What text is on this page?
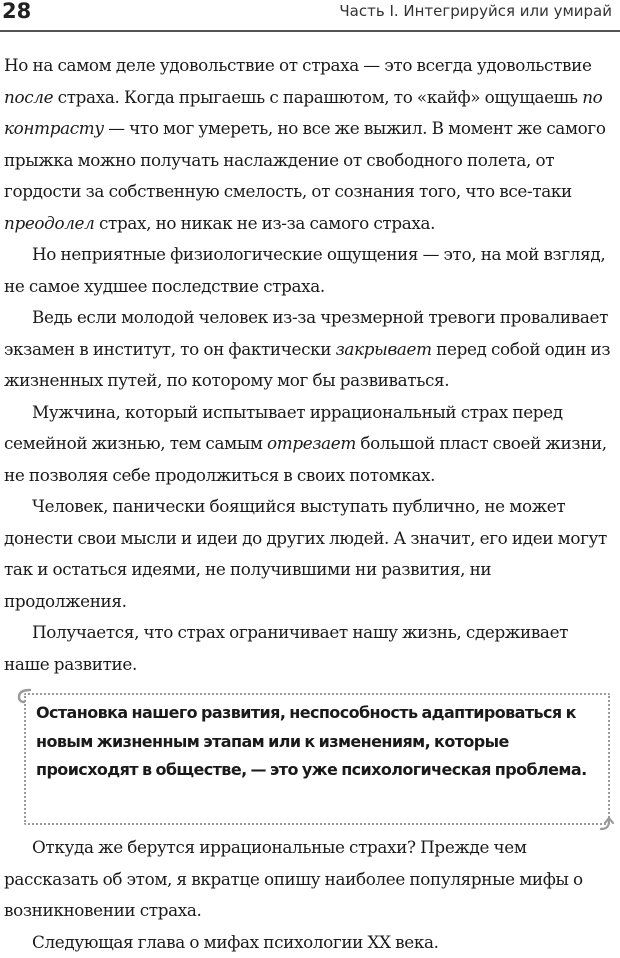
28	Часть I. Интегрируйся или умирай

Но на самом деле удовольствие от страха — это всегда удовольствие после страха. Когда прыгаешь с парашютом, то «кайф» ощущаешь по контрасту — что мог умереть, но все же выжил. В момент же самого прыжка можно получать наслаждение от свободного полета, от гордости за собственную смелость, от сознания того, что все-таки преодолел страх, но никак не из-за самого страха.

Но неприятные физиологические ощущения — это, на мой взгляд, не самое худшее последствие страха.

Ведь если молодой человек из-за чрезмерной тревоги проваливает экзамен в институт, то он фактически закрывает перед собой один из жизненных путей, по которому мог бы развиваться.

Мужчина, который испытывает иррациональный страх перед семейной жизнью, тем самым отрезает большой пласт своей жизни, не позволяя себе продолжиться в своих потомках.

Человек, панически боящийся выступать публично, не может донести свои мысли и идеи до других людей. А значит, его идеи могут так и остаться идеями, не получившими ни развития, ни продолжения.

Получается, что страх ограничивает нашу жизнь, сдерживает наше развитие.

Остановка нашего развития, неспособность адаптироваться к новым жизненным этапам или к изменениям, которые происходят в обществе, — это уже психологическая проблема.

Откуда же берутся иррациональные страхи? Прежде чем рассказать об этом, я вкратце опишу наиболее популярные мифы о возникновении страха.

Следующая глава о мифах психологии XX века.
